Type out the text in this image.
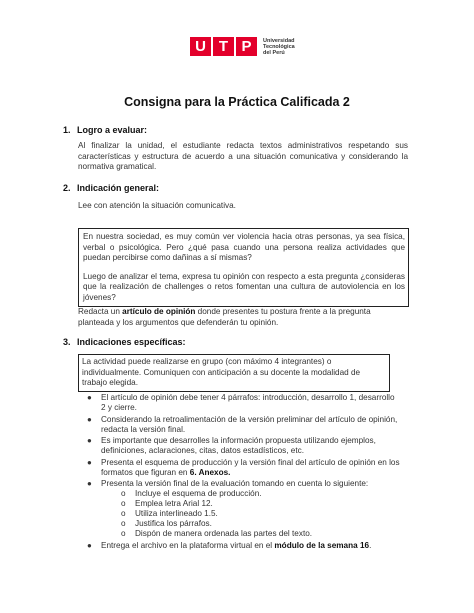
U T P	Universidad
Tecnológica
del Perú
Consigna para la Práctica Calificada 2
1. Logro a evaluar:
Al finalizar la unidad, el estudiante redacta textos administrativos respetando sus características y estructura de acuerdo a una situación comunicativa y considerando la normativa gramatical.
2. Indicación general:
Lee con atención la situación comunicativa.
En nuestra sociedad, es muy común ver violencia hacia otras personas, ya sea física, verbal o psicológica. Pero ¿qué pasa cuando una persona realiza actividades que puedan percibirse como dañinas a sí mismas?
Luego de analizar el tema, expresa tu opinión con respecto a esta pregunta ¿consideras que la realización de challenges o retos fomentan una cultura de autoviolencia en los jóvenes?
Redacta un artículo de opinión donde presentes tu postura frente a la pregunta planteada y los argumentos que defenderán tu opinión.
3. Indicaciones específicas:
La actividad puede realizarse en grupo (con máximo 4 integrantes) o individualmente. Comuniquen con anticipación a su docente la modalidad de trabajo elegida.
● El artículo de opinión debe tener 4 párrafos: introducción, desarrollo 1, desarrollo 2 y cierre.
● Considerando la retroalimentación de la versión preliminar del artículo de opinión, redacta la versión final.
● Es importante que desarrolles la información propuesta utilizando ejemplos, definiciones, aclaraciones, citas, datos estadísticos, etc.
● Presenta el esquema de producción y la versión final del artículo de opinión en los formatos que figuran en 6. Anexos.
● Presenta la versión final de la evaluación tomando en cuenta lo siguiente:
o Incluye el esquema de producción.
o Emplea letra Arial 12.
o Utiliza interlineado 1.5.
o Justifica los párrafos.
o Dispón de manera ordenada las partes del texto.
● Entrega el archivo en la plataforma virtual en el módulo de la semana 16.
